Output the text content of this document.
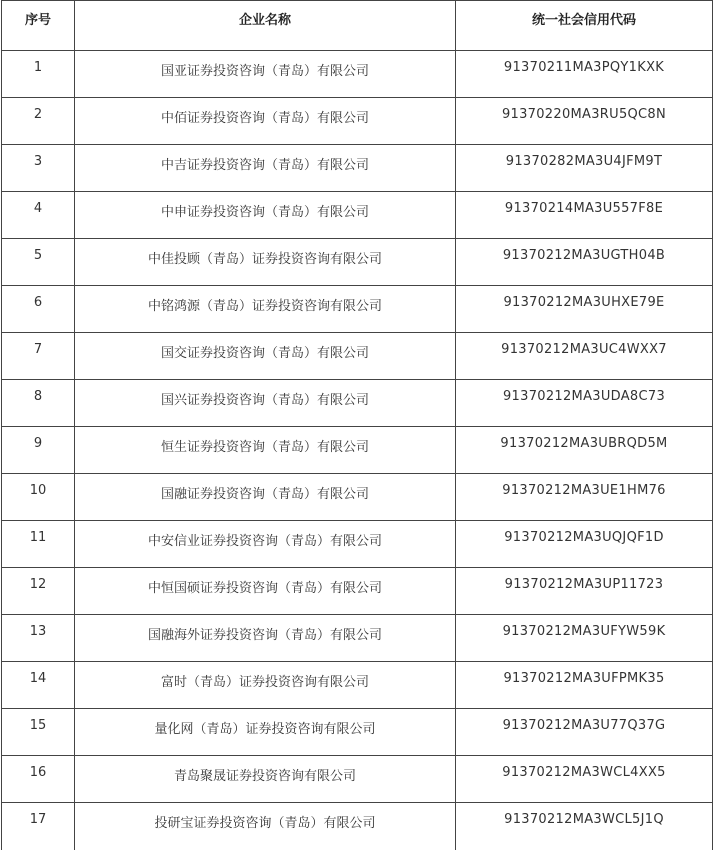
序号	企业名称	统一社会信用代码
1	国亚证券投资咨询（青岛）有限公司	91370211MA3PQY1KXK
2	中佰证券投资咨询（青岛）有限公司	91370220MA3RU5QC8N
3	中吉证券投资咨询（青岛）有限公司	91370282MA3U4JFM9T
4	中申证券投资咨询（青岛）有限公司	91370214MA3U557F8E
5	中佳投顾（青岛）证券投资咨询有限公司	91370212MA3UGTH04B
6	中铭鸿源（青岛）证券投资咨询有限公司	91370212MA3UHXE79E
7	国交证券投资咨询（青岛）有限公司	91370212MA3UC4WXX7
8	国兴证券投资咨询（青岛）有限公司	91370212MA3UDA8C73
9	恒生证券投资咨询（青岛）有限公司	91370212MA3UBRQD5M
10	国融证券投资咨询（青岛）有限公司	91370212MA3UE1HM76
11	中安信业证券投资咨询（青岛）有限公司	91370212MA3UQJQF1D
12	中恒国硕证券投资咨询（青岛）有限公司	91370212MA3UP11723
13	国融海外证券投资咨询（青岛）有限公司	91370212MA3UFYW59K
14	富时（青岛）证券投资咨询有限公司	91370212MA3UFPMK35
15	量化网（青岛）证券投资咨询有限公司	91370212MA3U77Q37G
16	青岛聚晟证券投资咨询有限公司	91370212MA3WCL4XX5
17	投研宝证券投资咨询（青岛）有限公司	91370212MA3WCL5J1Q
